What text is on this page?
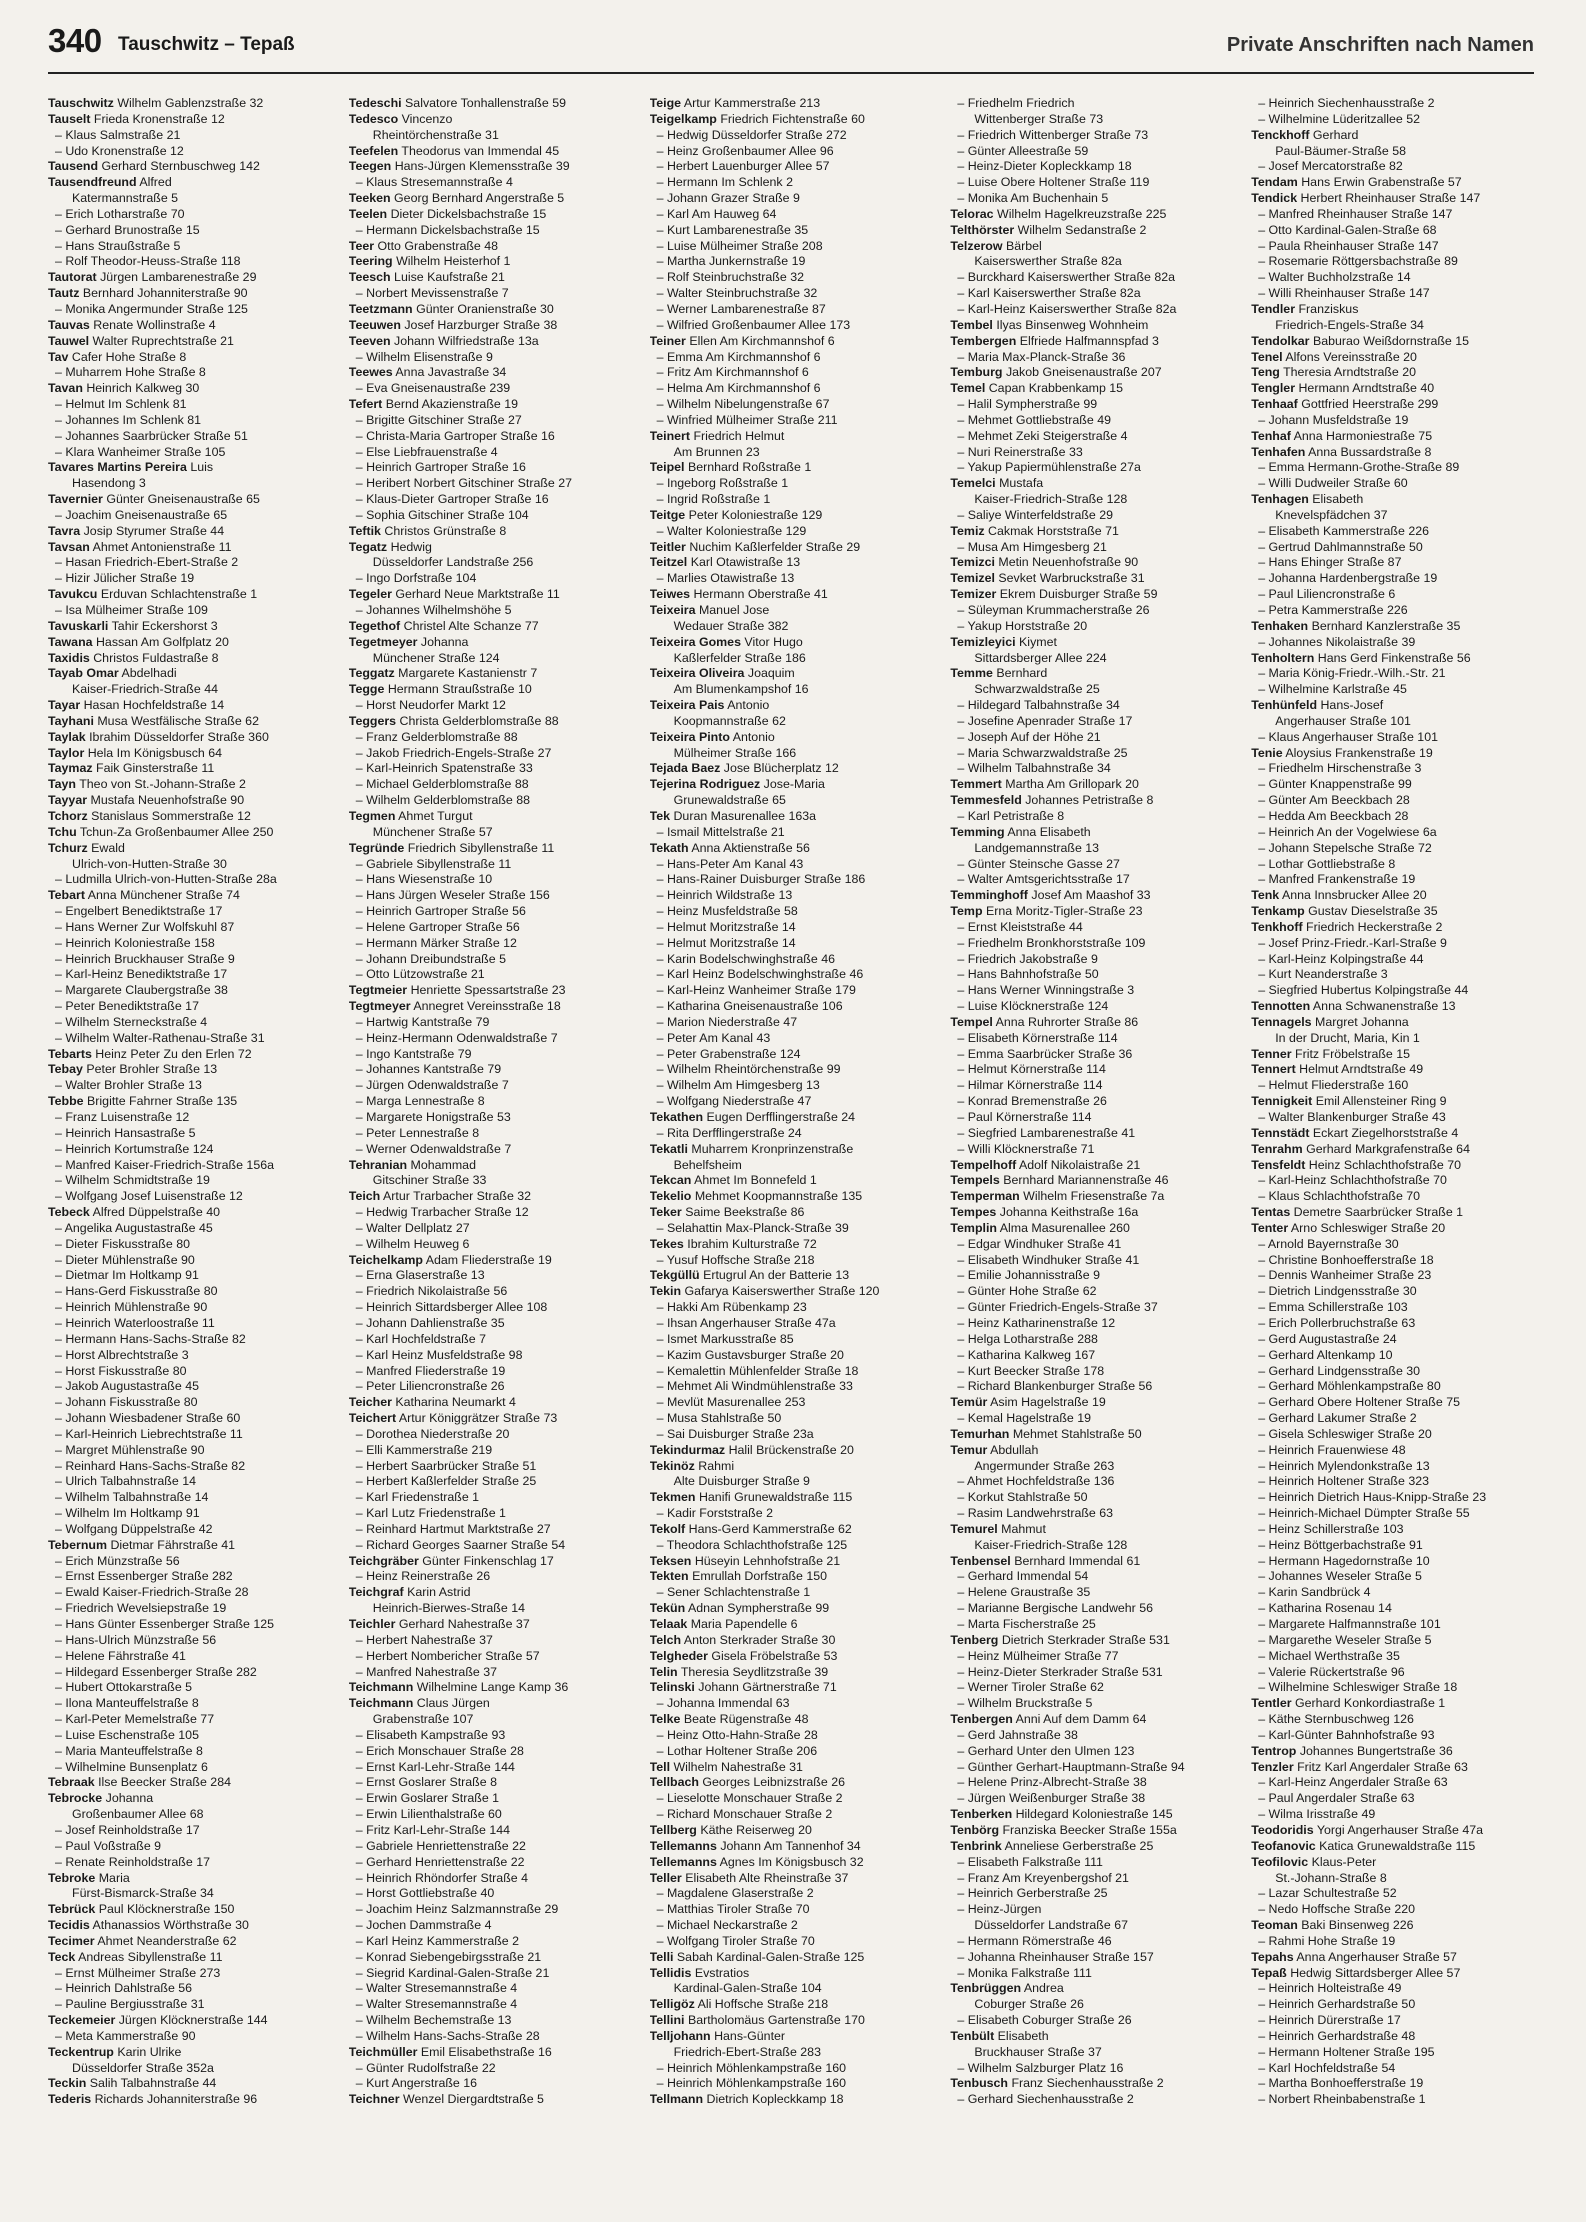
340 Tauschwitz – Tepaß	Private Anschriften nach Namen
Tauschwitz Wilhelm Gablenzstraße 32
Tauselt Frieda Kronenstraße 12
– Klaus Salmstraße 21
– Udo Kronenstraße 12
Tausend Gerhard Sternbuschweg 142
Tausendfreund Alfred
Katermannstraße 5
– Erich Lotharstraße 70
– Gerhard Brunostraße 15
– Hans Straußstraße 5
– Rolf Theodor-Heuss-Straße 118
Tautorat Jürgen Lambarenestraße 29
Tautz Bernhard Johanniterstraße 90
– Monika Angermunder Straße 125
Tauvas Renate Wollinstraße 4
Tauwel Walter Ruprechtstraße 21
Tav Cafer Hohe Straße 8
– Muharrem Hohe Straße 8
Tavan Heinrich Kalkweg 30
– Helmut Im Schlenk 81
– Johannes Im Schlenk 81
– Johannes Saarbrücker Straße 51
– Klara Wanheimer Straße 105
Tavares Martins Pereira Luis
Hasendong 3
Tavernier Günter Gneisenaustraße 65
– Joachim Gneisenaustraße 65
Tavra Josip Styrumer Straße 44
Tavsan Ahmet Antonienstraße 11
– Hasan Friedrich-Ebert-Straße 2
– Hizir Jülicher Straße 19
Tavukcu Erduvan Schlachtenstraße 1
– Isa Mülheimer Straße 109
Tavuskarli Tahir Eckershorst 3
Tawana Hassan Am Golfplatz 20
Taxidis Christos Fuldastraße 8
Tayab Omar Abdelhadi
Kaiser-Friedrich-Straße 44
Tayar Hasan Hochfeldstraße 14
Tayhani Musa Westfälische Straße 62
Taylak Ibrahim Düsseldorfer Straße 360
Taylor Hela Im Königsbusch 64
Taymaz Faik Ginsterstraße 11
Tayn Theo von St.-Johann-Straße 2
Tayyar Mustafa Neuenhofstraße 90
Tchorz Stanislaus Sommerstraße 12
Tchu Tchun-Za Großenbaumer Allee 250
Tchurz Ewald
Ulrich-von-Hutten-Straße 30
– Ludmilla Ulrich-von-Hutten-Straße 28a
Tebart Anna Münchener Straße 74
– Engelbert Benediktstraße 17
– Hans Werner Zur Wolfskuhl 87
– Heinrich Koloniestraße 158
– Heinrich Bruckhauser Straße 9
– Karl-Heinz Benediktstraße 17
– Margarete Claubergstraße 38
– Peter Benediktstraße 17
– Wilhelm Sterneckstraße 4
– Wilhelm Walter-Rathenau-Straße 31
Tebarts Heinz Peter Zu den Erlen 72
Tebay Peter Brohler Straße 13
– Walter Brohler Straße 13
Tebbe Brigitte Fahrner Straße 135
– Franz Luisenstraße 12
– Heinrich Hansastraße 5
– Heinrich Kortumstraße 124
– Manfred Kaiser-Friedrich-Straße 156a
– Wilhelm Schmidtstraße 19
– Wolfgang Josef Luisenstraße 12
Tebeck Alfred Düppelstraße 40
– Angelika Augustastraße 45
– Dieter Fiskusstraße 80
– Dieter Mühlenstraße 90
– Dietmar Im Holtkamp 91
– Hans-Gerd Fiskusstraße 80
– Heinrich Mühlenstraße 90
– Heinrich Waterloostraße 11
– Hermann Hans-Sachs-Straße 82
– Horst Albrechtstraße 3
– Horst Fiskusstraße 80
– Jakob Augustastraße 45
– Johann Fiskusstraße 80
– Johann Wiesbadener Straße 60
– Karl-Heinrich Liebrechtstraße 11
– Margret Mühlenstraße 90
– Reinhard Hans-Sachs-Straße 82
– Ulrich Talbahnstraße 14
– Wilhelm Talbahnstraße 14
– Wilhelm Im Holtkamp 91
– Wolfgang Düppelstraße 42
Tebernum Dietmar Fährstraße 41
– Erich Münzstraße 56
– Ernst Essenberger Straße 282
– Ewald Kaiser-Friedrich-Straße 28
– Friedrich Wevelsiepstraße 19
– Hans Günter Essenberger Straße 125
– Hans-Ulrich Münzstraße 56
– Helene Fährstraße 41
– Hildegard Essenberger Straße 282
– Hubert Ottokarstraße 5
– Ilona Manteuffelstraße 8
– Karl-Peter Memelstraße 77
– Luise Eschenstraße 105
– Maria Manteuffelstraße 8
– Wilhelmine Bunsenplatz 6
Tebraak Ilse Beecker Straße 284
Tebrocke Johanna
Großenbaumer Allee 68
– Josef Reinholdstraße 17
– Paul Voßstraße 9
– Renate Reinholdstraße 17
Tebroke Maria
Fürst-Bismarck-Straße 34
Tebrück Paul Klöcknerstraße 150
Tecidis Athanassios Wörthstraße 30
Tecimer Ahmet Neanderstraße 62
Teck Andreas Sibyllenstraße 11
– Ernst Mülheimer Straße 273
– Heinrich Dahlstraße 56
– Pauline Bergiusstraße 31
Teckemeier Jürgen Klöcknerstraße 144
– Meta Kammerstraße 90
Teckentrup Karin Ulrike
Düsseldorfer Straße 352a
Teckin Salih Talbahnstraße 44
Tederis Richards Johanniterstraße 96
Tedeschi Salvatore Tonhallenstraße 59
Tedesco Vincenzo
Rheintörchenstraße 31
Teefelen Theodorus van Immendal 45
Teegen Hans-Jürgen Klemensstraße 39
– Klaus Stresemannstraße 4
Teeken Georg Bernhard Angerstraße 5
Teelen Dieter Dickelsbachstraße 15
– Hermann Dickelsbachstraße 15
Teer Otto Grabenstraße 48
Teering Wilhelm Heisterhof 1
Teesch Luise Kaufstraße 21
– Norbert Mevissenstraße 7
Teetzmann Günter Oranienstraße 30
Teeuwen Josef Harzburger Straße 38
Teeven Johann Wilfriedstraße 13a
– Wilhelm Elisenstraße 9
Teewes Anna Javastraße 34
– Eva Gneisenaustraße 239
Tefert Bernd Akazienstraße 19
– Brigitte Gitschiner Straße 27
– Christa-Maria Gartroper Straße 16
– Else Liebfrauenstraße 4
– Heinrich Gartroper Straße 16
– Heribert Norbert Gitschiner Straße 27
– Klaus-Dieter Gartroper Straße 16
– Sophia Gitschiner Straße 104
Teftik Christos Grünstraße 8
Tegatz Hedwig
Düsseldorfer Landstraße 256
– Ingo Dorfstraße 104
Tegeler Gerhard Neue Marktstraße 11
– Johannes Wilhelmshöhe 5
Tegethof Christel Alte Schanze 77
Tegetmeyer Johanna
Münchener Straße 124
Teggatz Margarete Kastanienstr 7
Tegge Hermann Straußstraße 10
– Horst Neudorfer Markt 12
Teggers Christa Gelderblomstraße 88
– Franz Gelderblomstraße 88
– Jakob Friedrich-Engels-Straße 27
– Karl-Heinrich Spatenstraße 33
– Michael Gelderblomstraße 88
– Wilhelm Gelderblomstraße 88
Tegmen Ahmet Turgut
Münchener Straße 57
Tegründe Friedrich Sibyllenstraße 11
– Gabriele Sibyllenstraße 11
– Hans Wiesenstraße 10
– Hans Jürgen Weseler Straße 156
– Heinrich Gartroper Straße 56
– Helene Gartroper Straße 56
– Hermann Märker Straße 12
– Johann Dreibundstraße 5
– Otto Lützowstraße 21
Tegtmeier Henriette Spessartstraße 23
Tegtmeyer Annegret Vereinsstraße 18
– Hartwig Kantstraße 79
– Heinz-Hermann Odenwaldstraße 7
– Ingo Kantstraße 79
– Johannes Kantstraße 79
– Jürgen Odenwaldstraße 7
– Marga Lennestraße 8
– Margarete Honigstraße 53
– Peter Lennestraße 8
– Werner Odenwaldstraße 7
Tehranian Mohammad
Gitschiner Straße 33
Teich Artur Trarbacher Straße 32
– Hedwig Trarbacher Straße 12
– Walter Dellplatz 27
– Wilhelm Heuweg 6
Teichelkamp Adam Fliederstraße 19
– Erna Glaserstraße 13
– Friedrich Nikolaistraße 56
– Heinrich Sittardsberger Allee 108
– Johann Dahlienstraße 35
– Karl Hochfeldstraße 7
– Karl Heinz Musfeldstraße 98
– Manfred Fliederstraße 19
– Peter Liliencronstraße 26
Teicher Katharina Neumarkt 4
Teichert Artur Königgrätzer Straße 73
– Dorothea Niederstraße 20
– Elli Kammerstraße 219
– Herbert Saarbrücker Straße 51
– Herbert Kaßlerfelder Straße 25
– Karl Friedenstraße 1
– Karl Lutz Friedenstraße 1
– Reinhard Hartmut Marktstraße 27
– Richard Georges Saarner Straße 54
Teichgräber Günter Finkenschlag 17
– Heinz Reinerstraße 26
Teichgraf Karin Astrid
Heinrich-Bierwes-Straße 14
Teichler Gerhard Nahestraße 37
– Herbert Nahestraße 37
– Herbert Nombericher Straße 57
– Manfred Nahestraße 37
Teichmann Wilhelmine Lange Kamp 36
Teichmann Claus Jürgen
Grabenstraße 107
– Elisabeth Kampstraße 93
– Erich Monschauer Straße 28
– Ernst Karl-Lehr-Straße 144
– Ernst Goslarer Straße 8
– Erwin Goslarer Straße 1
– Erwin Lilienthalstraße 60
– Fritz Karl-Lehr-Straße 144
– Gabriele Henriettenstraße 22
– Gerhard Henriettenstraße 22
– Heinrich Rhöndorfer Straße 4
– Horst Gottliebstraße 40
– Joachim Heinz Salzmannstraße 29
– Jochen Dammstraße 4
– Karl Heinz Kammerstraße 2
– Konrad Siebengebirgsstraße 21
– Siegrid Kardinal-Galen-Straße 21
– Walter Stresemannstraße 4
– Walter Stresemannstraße 4
– Wilhelm Bechemstraße 13
– Wilhelm Hans-Sachs-Straße 28
Teichmüller Emil Elisabethstraße 16
– Günter Rudolfstraße 22
– Kurt Angerstraße 16
Teichner Wenzel Diergardtstraße 5
Teige Artur Kammerstraße 213
Teigelkamp Friedrich Fichtenstraße 60
– Hedwig Düsseldorfer Straße 272
– Heinz Großenbaumer Allee 96
– Herbert Lauenburger Allee 57
– Hermann Im Schlenk 2
– Johann Grazer Straße 9
– Karl Am Hauweg 64
– Kurt Lambarenestraße 35
– Luise Mülheimer Straße 208
– Martha Junkernstraße 19
– Rolf Steinbruchstraße 32
– Walter Steinbruchstraße 32
– Werner Lambarenestraße 87
– Wilfried Großenbaumer Allee 173
Teiner Ellen Am Kirchmannshof 6
– Emma Am Kirchmannshof 6
– Fritz Am Kirchmannshof 6
– Helma Am Kirchmannshof 6
– Wilhelm Nibelungenstraße 67
– Winfried Mülheimer Straße 211
Teinert Friedrich Helmut
Am Brunnen 23
Teipel Bernhard Roßstraße 1
– Ingeborg Roßstraße 1
– Ingrid Roßstraße 1
Teitge Peter Koloniestraße 129
– Walter Koloniestraße 129
Teitler Nuchim Kaßlerfelder Straße 29
Teitzel Karl Otawistraße 13
– Marlies Otawistraße 13
Teiwes Hermann Oberstraße 41
Teixeira Manuel Jose
Wedauer Straße 382
Teixeira Gomes Vitor Hugo
Kaßlerfelder Straße 186
Teixeira Oliveira Joaquim
Am Blumenkampshof 16
Teixeira Pais Antonio
Koopmannstraße 62
Teixeira Pinto Antonio
Mülheimer Straße 166
Tejada Baez Jose Blücherplatz 12
Tejerina Rodriguez Jose-Maria
Grunewaldstraße 65
Tek Duran Masurenallee 163a
– Ismail Mittelstraße 21
Tekath Anna Aktienstraße 56
– Hans-Peter Am Kanal 43
– Hans-Rainer Duisburger Straße 186
– Heinrich Wildstraße 13
– Heinz Musfeldstraße 58
– Helmut Moritzstraße 14
– Helmut Moritzstraße 14
– Karin Bodelschwinghstraße 46
– Karl Heinz Bodelschwinghstraße 46
– Karl-Heinz Wanheimer Straße 179
– Katharina Gneisenaustraße 106
– Marion Niederstraße 47
– Peter Am Kanal 43
– Peter Grabenstraße 124
– Wilhelm Rheintörchenstraße 99
– Wilhelm Am Himgesberg 13
– Wolfgang Niederstraße 47
Tekathen Eugen Derfflingerstraße 24
– Rita Derfflingerstraße 24
Tekatli Muharrem Kronprinzenstraße
Behelfsheim
Tekcan Ahmet Im Bonnefeld 1
Tekelio Mehmet Koopmannstraße 135
Teker Saime Beekstraße 86
– Selahattin Max-Planck-Straße 39
Tekes Ibrahim Kulturstraße 72
– Yusuf Hoffsche Straße 218
Tekgüllü Ertugrul An der Batterie 13
Tekin Gafarya Kaiserswerther Straße 120
– Hakki Am Rübenkamp 23
– Ihsan Angerhauser Straße 47a
– Ismet Markusstraße 85
– Kazim Gustavsburger Straße 20
– Kemalettin Mühlenfelder Straße 18
– Mehmet Ali Windmühlenstraße 33
– Mevlüt Masurenallee 253
– Musa Stahlstraße 50
– Sai Duisburger Straße 23a
Tekindurmaz Halil Brückenstraße 20
Tekinöz Rahmi
Alte Duisburger Straße 9
Tekmen Hanifi Grunewaldstraße 115
– Kadir Forststraße 2
Tekolf Hans-Gerd Kammerstraße 62
– Theodora Schlachthofstraße 125
Teksen Hüseyin Lehnhofstraße 21
Tekten Emrullah Dorfstraße 150
– Sener Schlachtenstraße 1
Tekün Adnan Sympherstraße 99
Telaak Maria Papendelle 6
Telch Anton Sterkrader Straße 30
Telgheder Gisela Fröbelstraße 53
Telin Theresia Seydlitzstraße 39
Telinski Johann Gärtnerstraße 71
– Johanna Immendal 63
Telke Beate Rügenstraße 48
– Heinz Otto-Hahn-Straße 28
– Lothar Holtener Straße 206
Tell Wilhelm Nahestraße 31
Tellbach Georges Leibnizstraße 26
– Lieselotte Monschauer Straße 2
– Richard Monschauer Straße 2
Tellberg Käthe Reiserweg 20
Tellemanns Johann Am Tannenhof 34
Tellemanns Agnes Im Königsbusch 32
Teller Elisabeth Alte Rheinstraße 37
– Magdalene Glaserstraße 2
– Matthias Tiroler Straße 70
– Michael Neckarstraße 2
– Wolfgang Tiroler Straße 70
Telli Sabah Kardinal-Galen-Straße 125
Tellidis Evstratios
Kardinal-Galen-Straße 104
Telligöz Ali Hoffsche Straße 218
Tellini Bartholomäus Gartenstraße 170
Telljohann Hans-Günter
Friedrich-Ebert-Straße 283
– Heinrich Möhlenkampstraße 160
– Heinrich Möhlenkampstraße 160
Tellmann Dietrich Kopleckkamp 18
– Friedhelm Friedrich
Wittenberger Straße 73
– Friedrich Wittenberger Straße 73
– Günter Alleestraße 59
– Heinz-Dieter Kopleckkamp 18
– Luise Obere Holtener Straße 119
– Monika Am Buchenhain 5
Telorac Wilhelm Hagelkreuzstraße 225
Telthörster Wilhelm Sedanstraße 2
Telzerow Bärbel
Kaiserswerther Straße 82a
– Burckhard Kaiserswerther Straße 82a
– Karl Kaiserswerther Straße 82a
– Karl-Heinz Kaiserswerther Straße 82a
Tembel Ilyas Binsenweg Wohnheim
Tembergen Elfriede Halfmannspfad 3
– Maria Max-Planck-Straße 36
Temburg Jakob Gneisenaustraße 207
Temel Capan Krabbenkamp 15
– Halil Sympherstraße 99
– Mehmet Gottliebstraße 49
– Mehmet Zeki Steigerstraße 4
– Nuri Reinerstraße 33
– Yakup Papiermühlenstraße 27a
Temelci Mustafa
Kaiser-Friedrich-Straße 128
– Saliye Winterfeldstraße 29
Temiz Cakmak Horststraße 71
– Musa Am Himgesberg 21
Temizci Metin Neuenhofstraße 90
Temizel Sevket Warbruckstraße 31
Temizer Ekrem Duisburger Straße 59
– Süleyman Krummacherstraße 26
– Yakup Horststraße 20
Temizleyici Kiymet
Sittardsberger Allee 224
Temme Bernhard
Schwarzwaldstraße 25
– Hildegard Talbahnstraße 34
– Josefine Apenrader Straße 17
– Joseph Auf der Höhe 21
– Maria Schwarzwaldstraße 25
– Wilhelm Talbahnstraße 34
Temmert Martha Am Grillopark 20
Temmesfeld Johannes Petristraße 8
– Karl Petristraße 8
Temming Anna Elisabeth
Landgemannstraße 13
– Günter Steinsche Gasse 27
– Walter Amtsgerichtsstraße 17
Temminghoff Josef Am Maashof 33
Temp Erna Moritz-Tigler-Straße 23
– Ernst Kleiststraße 44
– Friedhelm Bronkhorststraße 109
– Friedrich Jakobstraße 9
– Hans Bahnhofstraße 50
– Hans Werner Winningstraße 3
– Luise Klöcknerstraße 124
Tempel Anna Ruhrorter Straße 86
– Elisabeth Körnerstraße 114
– Emma Saarbrücker Straße 36
– Helmut Körnerstraße 114
– Hilmar Körnerstraße 114
– Konrad Bremenstraße 26
– Paul Körnerstraße 114
– Siegfried Lambarenestraße 41
– Willi Klöcknerstraße 71
Tempelhoff Adolf Nikolaistraße 21
Tempels Bernhard Mariannenstraße 46
Temperman Wilhelm Friesenstraße 7a
Tempes Johanna Keithstraße 16a
Templin Alma Masurenallee 260
– Edgar Windhuker Straße 41
– Elisabeth Windhuker Straße 41
– Emilie Johannisstraße 9
– Günter Hohe Straße 62
– Günter Friedrich-Engels-Straße 37
– Heinz Katharinenstraße 12
– Helga Lotharstraße 288
– Katharina Kalkweg 167
– Kurt Beecker Straße 178
– Richard Blankenburger Straße 56
Temür Asim Hagelstraße 19
– Kemal Hagelstraße 19
Temurhan Mehmet Stahlstraße 50
Temur Abdullah
Angermunder Straße 263
– Ahmet Hochfeldstraße 136
– Korkut Stahlstraße 50
– Rasim Landwehrstraße 63
Temurel Mahmut
Kaiser-Friedrich-Straße 128
Tenbensel Bernhard Immendal 61
– Gerhard Immendal 54
– Helene Graustraße 35
– Marianne Bergische Landwehr 56
– Marta Fischerstraße 25
Tenberg Dietrich Sterkrader Straße 531
– Heinz Mülheimer Straße 77
– Heinz-Dieter Sterkrader Straße 531
– Werner Tiroler Straße 62
– Wilhelm Bruckstraße 5
Tenbergen Anni Auf dem Damm 64
– Gerd Jahnstraße 38
– Gerhard Unter den Ulmen 123
– Günther Gerhart-Hauptmann-Straße 94
– Helene Prinz-Albrecht-Straße 38
– Jürgen Weißenburger Straße 38
Tenberken Hildegard Koloniestraße 145
Tenbörg Franziska Beecker Straße 155a
Tenbrink Anneliese Gerberstraße 25
– Elisabeth Falkstraße 111
– Franz Am Kreyenbergshof 21
– Heinrich Gerberstraße 25
– Heinz-Jürgen
Düsseldorfer Landstraße 67
– Hermann Römerstraße 46
– Johanna Rheinhauser Straße 157
– Monika Falkstraße 111
Tenbrüggen Andrea
Coburger Straße 26
– Elisabeth Coburger Straße 26
Tenbült Elisabeth
Bruckhauser Straße 37
– Wilhelm Salzburger Platz 16
Tenbusch Franz Siechenhausstraße 2
– Gerhard Siechenhausstraße 2
– Heinrich Siechenhausstraße 2
– Wilhelmine Lüderitzallee 52
Tenckhoff Gerhard
Paul-Bäumer-Straße 58
– Josef Mercatorstraße 82
Tendam Hans Erwin Grabenstraße 57
Tendick Herbert Rheinhauser Straße 147
– Manfred Rheinhauser Straße 147
– Otto Kardinal-Galen-Straße 68
– Paula Rheinhauser Straße 147
– Rosemarie Röttgersbachstraße 89
– Walter Buchholzstraße 14
– Willi Rheinhauser Straße 147
Tendler Franziskus
Friedrich-Engels-Straße 34
Tendolkar Baburao Weißdornstraße 15
Tenel Alfons Vereinsstraße 20
Teng Theresia Arndtstraße 20
Tengler Hermann Arndtstraße 40
Tenhaaf Gottfried Heerstraße 299
– Johann Musfeldstraße 19
Tenhaf Anna Harmoniestraße 75
Tenhafen Anna Bussardstraße 8
– Emma Hermann-Grothe-Straße 89
– Willi Dudweiler Straße 60
Tenhagen Elisabeth
Knevelspfädchen 37
– Elisabeth Kammerstraße 226
– Gertrud Dahlmannstraße 50
– Hans Ehinger Straße 87
– Johanna Hardenbergstraße 19
– Paul Liliencronstraße 6
– Petra Kammerstraße 226
Tenhaken Bernhard Kanzlerstraße 35
– Johannes Nikolaistraße 39
Tenholtern Hans Gerd Finkenstraße 56
– Maria König-Friedr.-Wilh.-Str. 21
– Wilhelmine Karlstraße 45
Tenhünfeld Hans-Josef
Angerhauser Straße 101
– Klaus Angerhauser Straße 101
Tenie Aloysius Frankenstraße 19
– Friedhelm Hirschenstraße 3
– Günter Knappenstraße 99
– Günter Am Beeckbach 28
– Hedda Am Beeckbach 28
– Heinrich An der Vogelwiese 6a
– Johann Stepelsche Straße 72
– Lothar Gottliebstraße 8
– Manfred Frankenstraße 19
Tenk Anna Innsbrucker Allee 20
Tenkamp Gustav Dieselstraße 35
Tenkhoff Friedrich Heckerstraße 2
– Josef Prinz-Friedr.-Karl-Straße 9
– Karl-Heinz Kolpingstraße 44
– Kurt Neanderstraße 3
– Siegfried Hubertus Kolpingstraße 44
Tennotten Anna Schwanenstraße 13
Tennagels Margret Johanna
In der Drucht, Maria, Kin 1
Tenner Fritz Fröbelstraße 15
Tennert Helmut Arndtstraße 49
– Helmut Fliederstraße 160
Tennigkeit Emil Allensteiner Ring 9
– Walter Blankenburger Straße 43
Tennstädt Eckart Ziegelhorststraße 4
Tenrahm Gerhard Markgrafenstraße 64
Tensfeldt Heinz Schlachthofstraße 70
– Karl-Heinz Schlachthofstraße 70
– Klaus Schlachthofstraße 70
Tentas Demetre Saarbrücker Straße 1
Tenter Arno Schleswiger Straße 20
– Arnold Bayernstraße 30
– Christine Bonhoefferstraße 18
– Dennis Wanheimer Straße 23
– Dietrich Lindgensstraße 30
– Emma Schillerstraße 103
– Erich Pollerbruchstraße 63
– Gerd Augustastraße 24
– Gerhard Altenkamp 10
– Gerhard Lindgensstraße 30
– Gerhard Möhlenkampstraße 80
– Gerhard Obere Holtener Straße 75
– Gerhard Lakumer Straße 2
– Gisela Schleswiger Straße 20
– Heinrich Frauenwiese 48
– Heinrich Mylendonkstraße 13
– Heinrich Holtener Straße 323
– Heinrich Dietrich Haus-Knipp-Straße 23
– Heinrich-Michael Dümpter Straße 55
– Heinz Schillerstraße 103
– Heinz Böttgerbachstraße 91
– Hermann Hagedornstraße 10
– Johannes Weseler Straße 5
– Karin Sandbrück 4
– Katharina Rosenau 14
– Margarete Halfmannstraße 101
– Margarethe Weseler Straße 5
– Michael Werthstraße 35
– Valerie Rückertstraße 96
– Wilhelmine Schleswiger Straße 18
Tentler Gerhard Konkordiastraße 1
– Käthe Sternbuschweg 126
– Karl-Günter Bahnhofstraße 93
Tentrop Johannes Bungertstraße 36
Tenzler Fritz Karl Angerdaler Straße 63
– Karl-Heinz Angerdaler Straße 63
– Paul Angerdaler Straße 63
– Wilma Irisstraße 49
Teodoridis Yorgi Angerhauser Straße 47a
Teofanovic Katica Grunewaldstraße 115
Teofilovic Klaus-Peter
St.-Johann-Straße 8
– Lazar Schultestraße 52
– Nedo Hoffsche Straße 220
Teoman Baki Binsenweg 226
– Rahmi Hohe Straße 19
Tepahs Anna Angerhauser Straße 57
Tepaß Hedwig Sittardsberger Allee 57
– Heinrich Holteistraße 49
– Heinrich Gerhardstraße 50
– Heinrich Dürerstraße 17
– Heinrich Gerhardstraße 48
– Hermann Holtener Straße 195
– Karl Hochfeldstraße 54
– Martha Bonhoefferstraße 19
– Norbert Rheinbabenstraße 1
